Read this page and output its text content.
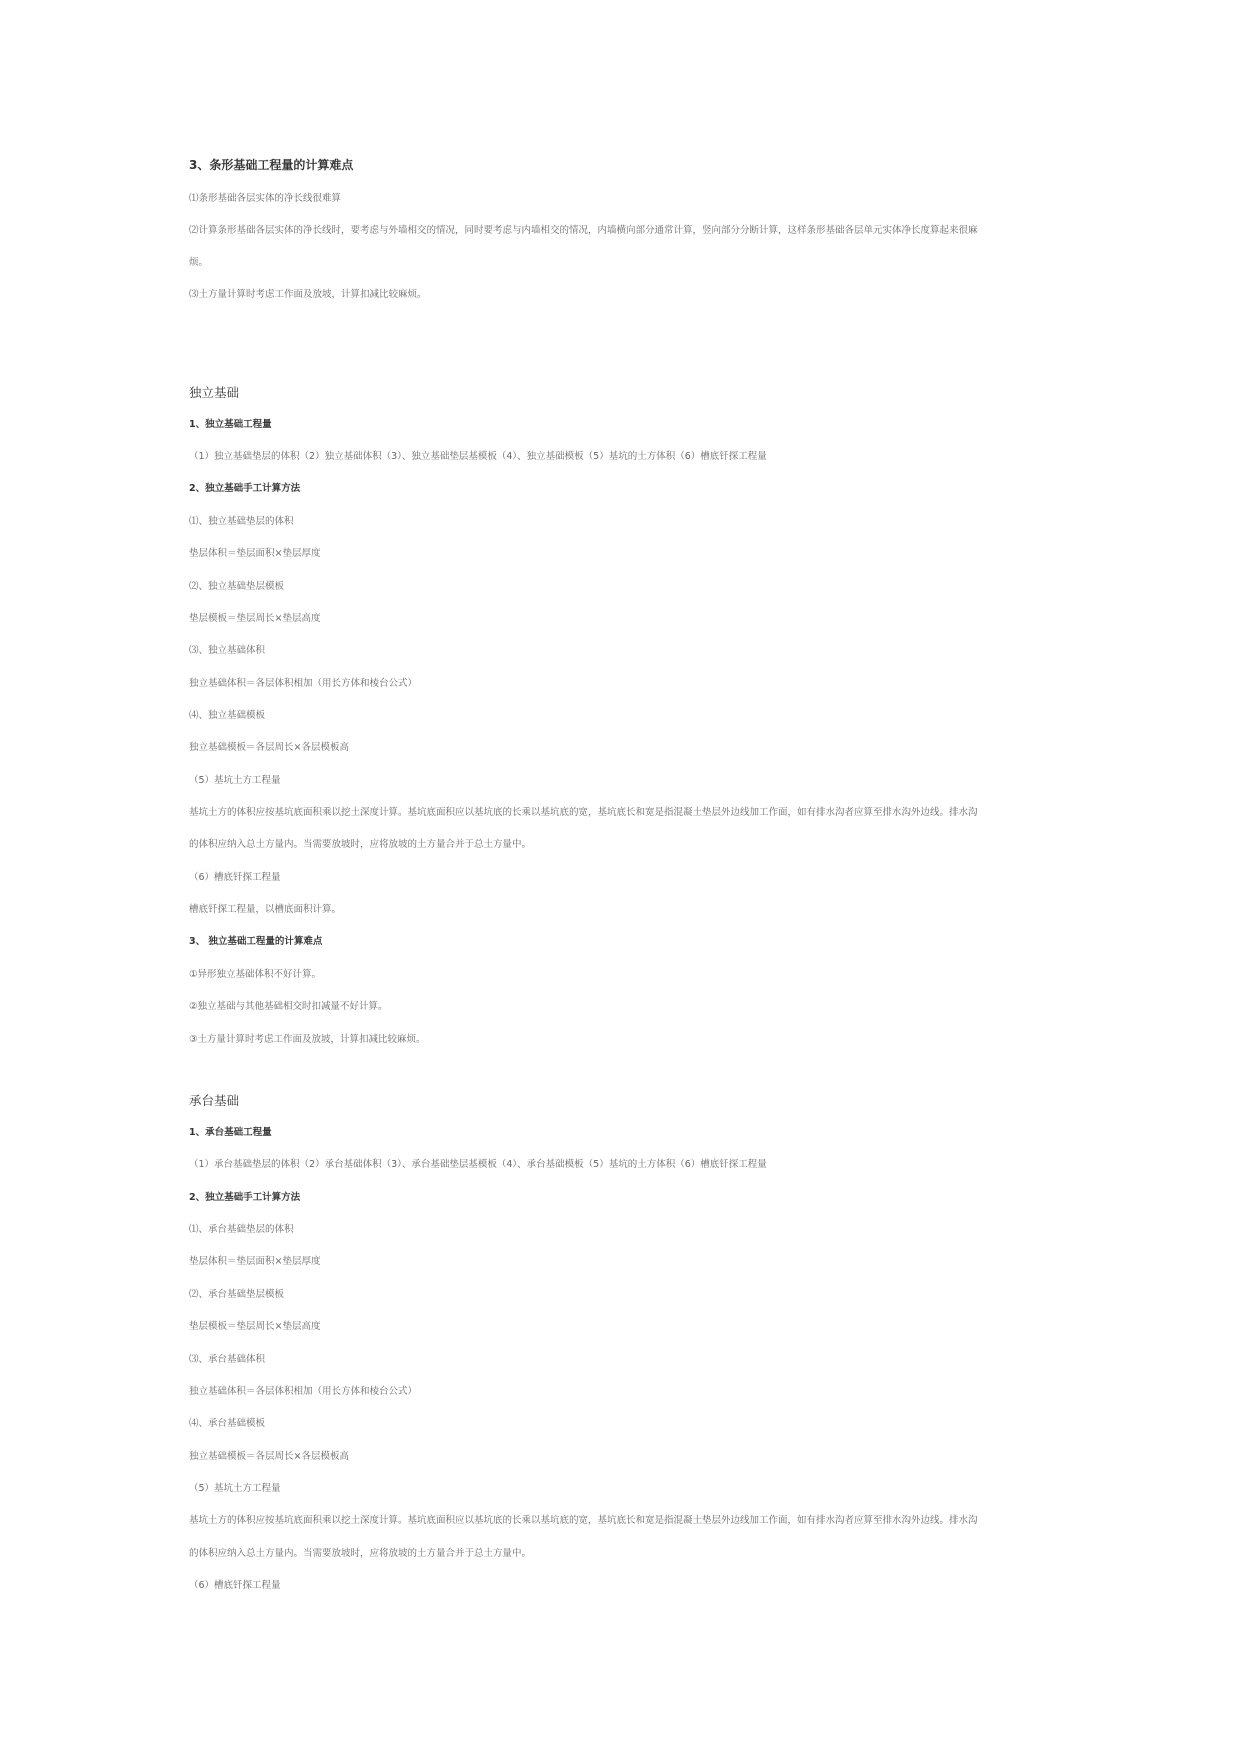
3、条形基础工程量的计算难点
⑴条形基础各层实体的净长线很难算
⑵计算条形基础各层实体的净长线时，要考虑与外墙相交的情况，同时要考虑与内墙相交的情况，内墙横向部分通常计算，竖向部分分断计算，这样条形基础各层单元实体净长度算起来很麻
烦。
⑶土方量计算时考虑工作面及放坡，计算扣减比较麻烦。
独立基础
1、独立基础工程量
（1）独立基础垫层的体积（2）独立基础体积（3）、独立基础垫层基模板（4）、独立基础模板（5）基坑的土方体积（6）槽底钎探工程量
2、独立基础手工计算方法
⑴、独立基础垫层的体积
垫层体积＝垫层面积×垫层厚度
⑵、独立基础垫层模板
垫层模板＝垫层周长×垫层高度
⑶、独立基础体积
独立基础体积＝各层体积相加（用长方体和棱台公式）
⑷、独立基础模板
独立基础模板＝各层周长×各层模板高
（5）基坑土方工程量
基坑土方的体积应按基坑底面积乘以挖土深度计算。基坑底面积应以基坑底的长乘以基坑底的宽，基坑底长和宽是指混凝土垫层外边线加工作面，如有排水沟者应算至排水沟外边线。排水沟
的体积应纳入总土方量内。当需要放坡时，应将放坡的土方量合并于总土方量中。
（6）槽底钎探工程量
槽底钎探工程量，以槽底面积计算。
3、 独立基础工程量的计算难点
①异形独立基础体积不好计算。
②独立基础与其他基础相交时扣减量不好计算。
③土方量计算时考虑工作面及放坡，计算扣减比较麻烦。
承台基础
1、承台基础工程量
（1）承台基础垫层的体积（2）承台基础体积（3）、承台基础垫层基模板（4）、承台基础模板（5）基坑的土方体积（6）槽底钎探工程量
2、独立基础手工计算方法
⑴、承台基础垫层的体积
垫层体积＝垫层面积×垫层厚度
⑵、承台基础垫层模板
垫层模板＝垫层周长×垫层高度
⑶、承台基础体积
独立基础体积＝各层体积相加（用长方体和棱台公式）
⑷、承台基础模板
独立基础模板＝各层周长×各层模板高
（5）基坑土方工程量
基坑土方的体积应按基坑底面积乘以挖土深度计算。基坑底面积应以基坑底的长乘以基坑底的宽，基坑底长和宽是指混凝土垫层外边线加工作面，如有排水沟者应算至排水沟外边线。排水沟
的体积应纳入总土方量内。当需要放坡时，应将放坡的土方量合并于总土方量中。
（6）槽底钎探工程量
